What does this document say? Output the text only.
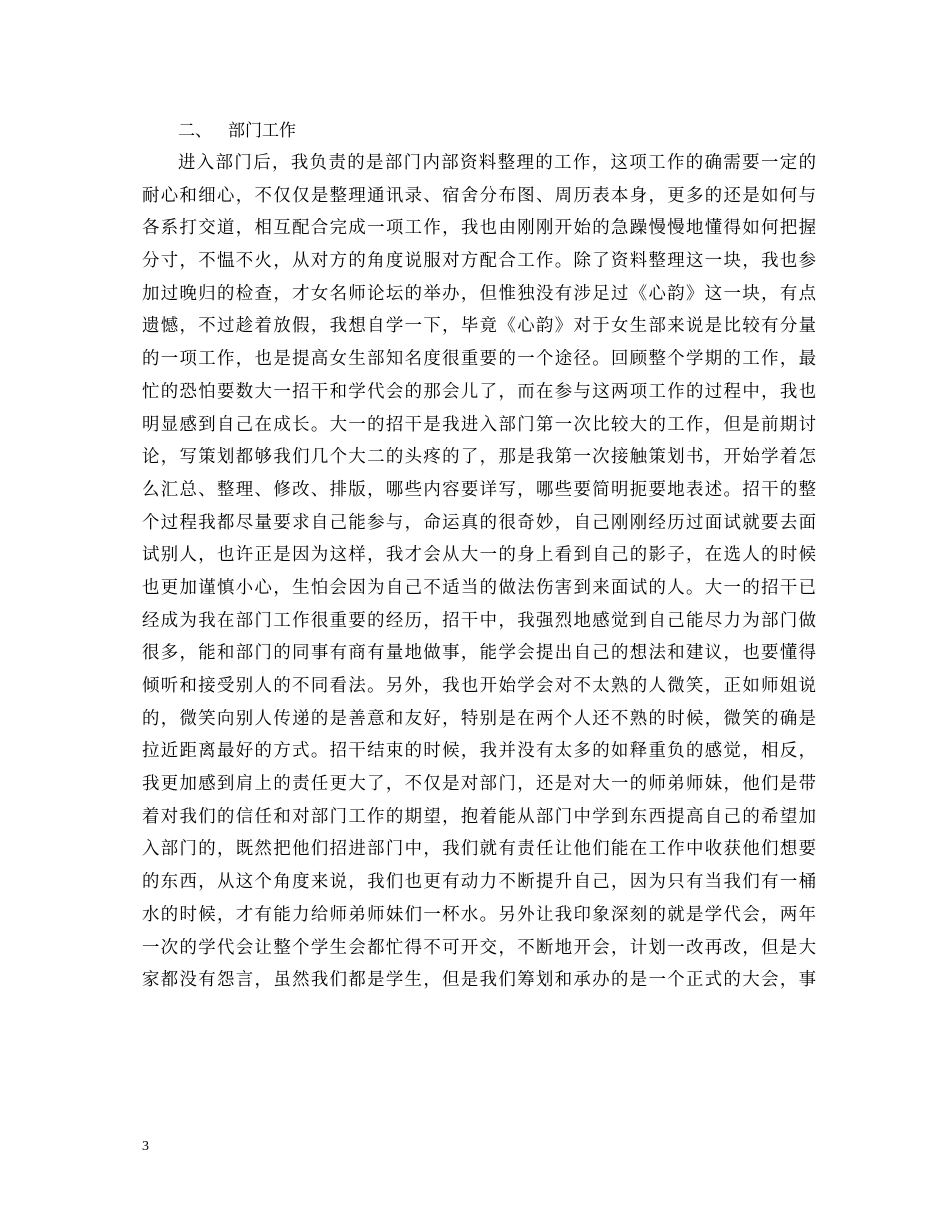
二、 部门工作
进入部门后，我负责的是部门内部资料整理的工作，这项工作的确需要一定的
耐心和细心，不仅仅是整理通讯录、宿舍分布图、周历表本身，更多的还是如何与
各系打交道，相互配合完成一项工作，我也由刚刚开始的急躁慢慢地懂得如何把握
分寸，不愠不火，从对方的角度说服对方配合工作。除了资料整理这一块，我也参
加过晚归的检查，才女名师论坛的举办，但惟独没有涉足过《心韵》这一块，有点
遗憾，不过趁着放假，我想自学一下，毕竟《心韵》对于女生部来说是比较有分量
的一项工作，也是提高女生部知名度很重要的一个途径。回顾整个学期的工作，最
忙的恐怕要数大一招干和学代会的那会儿了，而在参与这两项工作的过程中，我也
明显感到自己在成长。大一的招干是我进入部门第一次比较大的工作，但是前期讨
论，写策划都够我们几个大二的头疼的了，那是我第一次接触策划书，开始学着怎
么汇总、整理、修改、排版，哪些内容要详写，哪些要简明扼要地表述。招干的整
个过程我都尽量要求自己能参与，命运真的很奇妙，自己刚刚经历过面试就要去面
试别人，也许正是因为这样，我才会从大一的身上看到自己的影子，在选人的时候
也更加谨慎小心，生怕会因为自己不适当的做法伤害到来面试的人。大一的招干已
经成为我在部门工作很重要的经历，招干中，我强烈地感觉到自己能尽力为部门做
很多，能和部门的同事有商有量地做事，能学会提出自己的想法和建议，也要懂得
倾听和接受别人的不同看法。另外，我也开始学会对不太熟的人微笑，正如师姐说
的，微笑向别人传递的是善意和友好，特别是在两个人还不熟的时候，微笑的确是
拉近距离最好的方式。招干结束的时候，我并没有太多的如释重负的感觉，相反，
我更加感到肩上的责任更大了，不仅是对部门，还是对大一的师弟师妹，他们是带
着对我们的信任和对部门工作的期望，抱着能从部门中学到东西提高自己的希望加
入部门的，既然把他们招进部门中，我们就有责任让他们能在工作中收获他们想要
的东西，从这个角度来说，我们也更有动力不断提升自己，因为只有当我们有一桶
水的时候，才有能力给师弟师妹们一杯水。另外让我印象深刻的就是学代会，两年
一次的学代会让整个学生会都忙得不可开交，不断地开会，计划一改再改，但是大
家都没有怨言，虽然我们都是学生，但是我们筹划和承办的是一个正式的大会，事
3
